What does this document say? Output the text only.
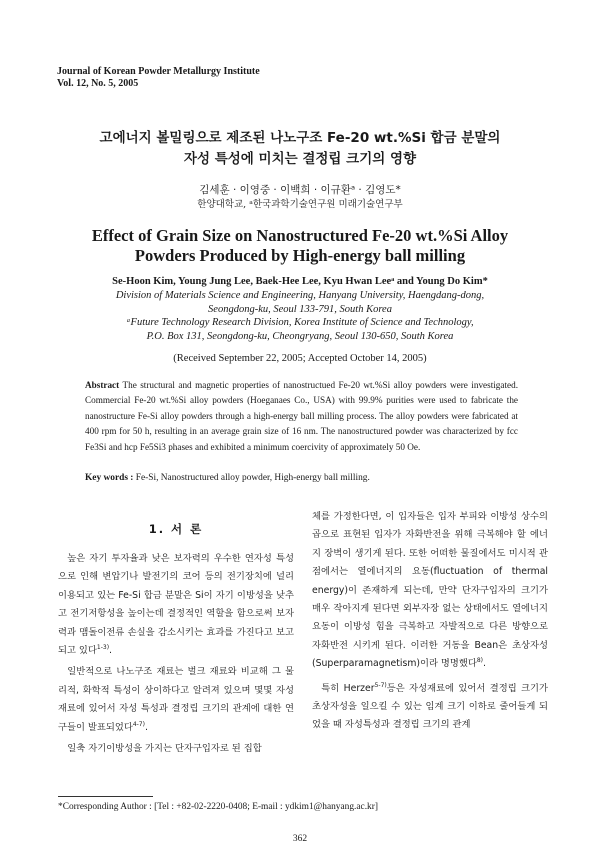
Journal of Korean Powder Metallurgy Institute
Vol. 12, No. 5, 2005
고에너지 볼밀링으로 제조된 나노구조 Fe-20 wt.%Si 합금 분말의
자성 특성에 미치는 결정립 크기의 영향
김세훈 · 이영중 · 이백희 · 이규환ᵃ · 김영도*
한양대학교, ᵃ한국과학기술연구원 미래기술연구부
Effect of Grain Size on Nanostructured Fe-20 wt.%Si Alloy
Powders Produced by High-energy ball milling
Se-Hoon Kim, Young Jung Lee, Baek-Hee Lee, Kyu Hwan Leeᵃ and Young Do Kim*
Division of Materials Science and Engineering, Hanyang University, Haengdang-dong,
Seongdong-ku, Seoul 133-791, South Korea
ᵃFuture Technology Research Division, Korea Institute of Science and Technology,
P.O. Box 131, Seongdong-ku, Cheongryang, Seoul 130-650, South Korea
(Received September 22, 2005; Accepted October 14, 2005)
Abstract The structural and magnetic properties of nanostructued Fe-20 wt.%Si alloy powders were investigated. Commercial Fe-20 wt.%Si alloy powders (Hoeganaes Co., USA) with 99.9% purities were used to fabricate the nanostructure Fe-Si alloy powders through a high-energy ball milling process. The alloy powders were fabricated at 400 rpm for 50 h, resulting in an average grain size of 16 nm. The nanostructured powder was characterized by fcc Fe3Si and hcp Fe5Si3 phases and exhibited a minimum coercivity of approximately 50 Oe.
Key words : Fe-Si, Nanostructured alloy powder, High-energy ball milling.
1. 서 론

높은 자기 투자율과 낮은 보자력의 우수한 연자성 특성으로 인해 변압기나 발전기의 코어 등의 전기장치에 널리 이용되고 있는 Fe-Si 합금 분말은 Si이 자기 이방성을 낮추고 전기저항성을 높이는데 결정적인 역할을 함으로써 보자력과 맴돌이전류 손실을 감소시키는 효과를 가진다고 보고되고 있다$^{1-3)}$.

일반적으로 나노구조 재료는 벌크 재료와 비교해 그 물리적, 화학적 특성이 상이하다고 알려져 있으며 몇몇 자성 재료에 있어서 자성 특성과 결정립 크기의 관계에 대한 연구들이 발표되었다$^{4-7)}$.

일축 자기이방성을 가지는 단자구입자로 된 집합

체를 가정한다면, 이 입자들은 입자 부피와 이방성 상수의 곱으로 표현된 입자가 자화반전을 위해 극복해야 할 에너지 장벽이 생기게 된다. 또한 어떠한 물질에서도 미시적 관점에서는 열에너지의 요동(fluctuation of thermal energy)이 존재하게 되는데, 만약 단자구입자의 크기가 매우 작아지게 된다면 외부자장 없는 상태에서도 열에너지 요동이 이방성 힘을 극복하고 자발적으로 다른 방향으로 자화반전 시키게 된다. 이러한 거동을 Bean은 초상자성(Superparamagnetism)이라 명명했다$^{8)}$.

특히 Herzer$^{5-7)}$등은 자성재료에 있어서 결정립 크기가 초상자성을 일으킬 수 있는 임계 크기 이하로 줄어들게 되었을 때 자성특성과 결정립 크기의 관계

*Corresponding Author : [Tel : +82-02-2220-0408; E-mail : ydkim1@hanyang.ac.kr]
362
